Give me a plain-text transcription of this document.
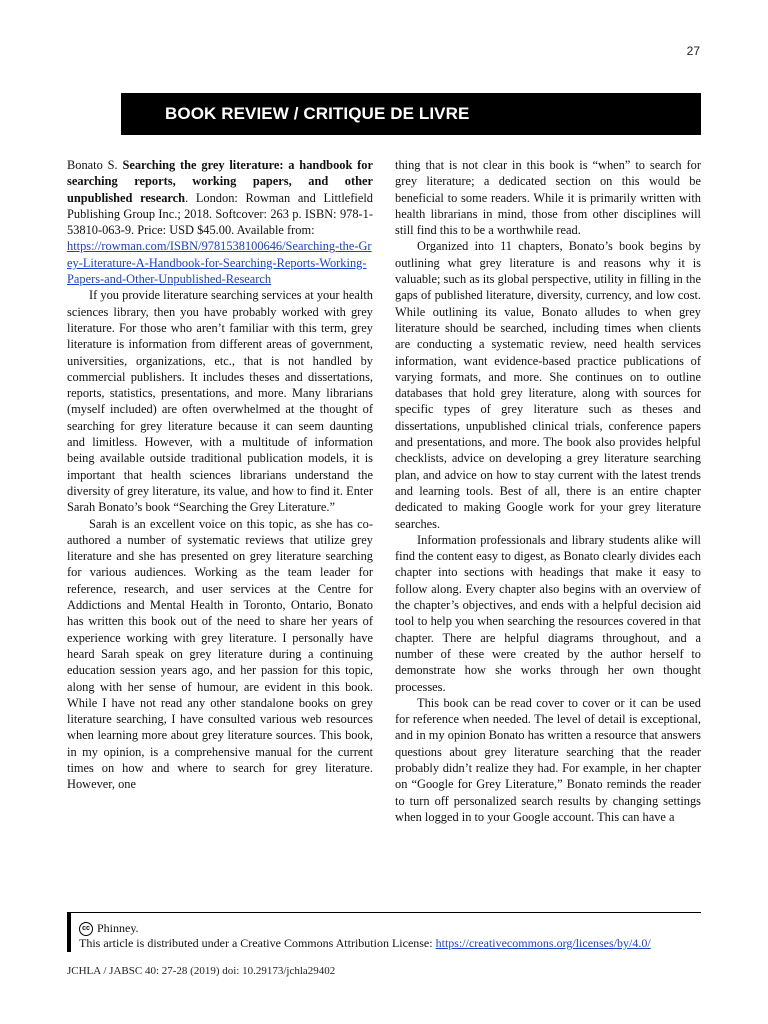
27
BOOK REVIEW / CRITIQUE DE LIVRE

Bonato S. Searching the grey literature: a handbook for searching reports, working papers, and other unpublished research. London: Rowman and Littlefield Publishing Group Inc.; 2018. Softcover: 263 p. ISBN: 978-1-53810-063-9. Price: USD $45.00. Available from:
https://rowman.com/ISBN/9781538100646/Searching-the-Grey-Literature-A-Handbook-for-Searching-Reports-Working-Papers-and-Other-Unpublished-Research

If you provide literature searching services at your health sciences library, then you have probably worked with grey literature. For those who aren’t familiar with this term, grey literature is information from different areas of government, universities, organizations, etc., that is not handled by commercial publishers. It includes theses and dissertations, reports, statistics, presentations, and more. Many librarians (myself included) are often overwhelmed at the thought of searching for grey literature because it can seem daunting and limitless. However, with a multitude of information being available outside traditional publication models, it is important that health sciences librarians understand the diversity of grey literature, its value, and how to find it. Enter Sarah Bonato’s book “Searching the Grey Literature.”

Sarah is an excellent voice on this topic, as she has co-authored a number of systematic reviews that utilize grey literature and she has presented on grey literature searching for various audiences. Working as the team leader for reference, research, and user services at the Centre for Addictions and Mental Health in Toronto, Ontario, Bonato has written this book out of the need to share her years of experience working with grey literature. I personally have heard Sarah speak on grey literature during a continuing education session years ago, and her passion for this topic, along with her sense of humour, are evident in this book. While I have not read any other standalone books on grey literature searching, I have consulted various web resources when learning more about grey literature sources. This book, in my opinion, is a comprehensive manual for the current times on how and where to search for grey literature. However, one

thing that is not clear in this book is “when” to search for grey literature; a dedicated section on this would be beneficial to some readers. While it is primarily written with health librarians in mind, those from other disciplines will still find this to be a worthwhile read.

Organized into 11 chapters, Bonato’s book begins by outlining what grey literature is and reasons why it is valuable; such as its global perspective, utility in filling in the gaps of published literature, diversity, currency, and low cost. While outlining its value, Bonato alludes to when grey literature should be searched, including times when clients are conducting a systematic review, need health services information, want evidence-based practice publications of varying formats, and more. She continues on to outline databases that hold grey literature, along with sources for specific types of grey literature such as theses and dissertations, unpublished clinical trials, conference papers and presentations, and more. The book also provides helpful checklists, advice on developing a grey literature searching plan, and advice on how to stay current with the latest trends and learning tools. Best of all, there is an entire chapter dedicated to making Google work for your grey literature searches.

Information professionals and library students alike will find the content easy to digest, as Bonato clearly divides each chapter into sections with headings that make it easy to follow along. Every chapter also begins with an overview of the chapter’s objectives, and ends with a helpful decision aid tool to help you when searching the resources covered in that chapter. There are helpful diagrams throughout, and a number of these were created by the author herself to demonstrate how she works through her own thought processes.

This book can be read cover to cover or it can be used for reference when needed. The level of detail is exceptional, and in my opinion Bonato has written a resource that answers questions about grey literature searching that the reader probably didn’t realize they had. For example, in her chapter on “Google for Grey Literature,” Bonato reminds the reader to turn off personalized search results by changing settings when logged in to your Google account. This can have a

cc Phinney.
This article is distributed under a Creative Commons Attribution License: https://creativecommons.org/licenses/by/4.0/
JCHLA / JABSC 40: 27-28 (2019) doi: 10.29173/jchla29402
